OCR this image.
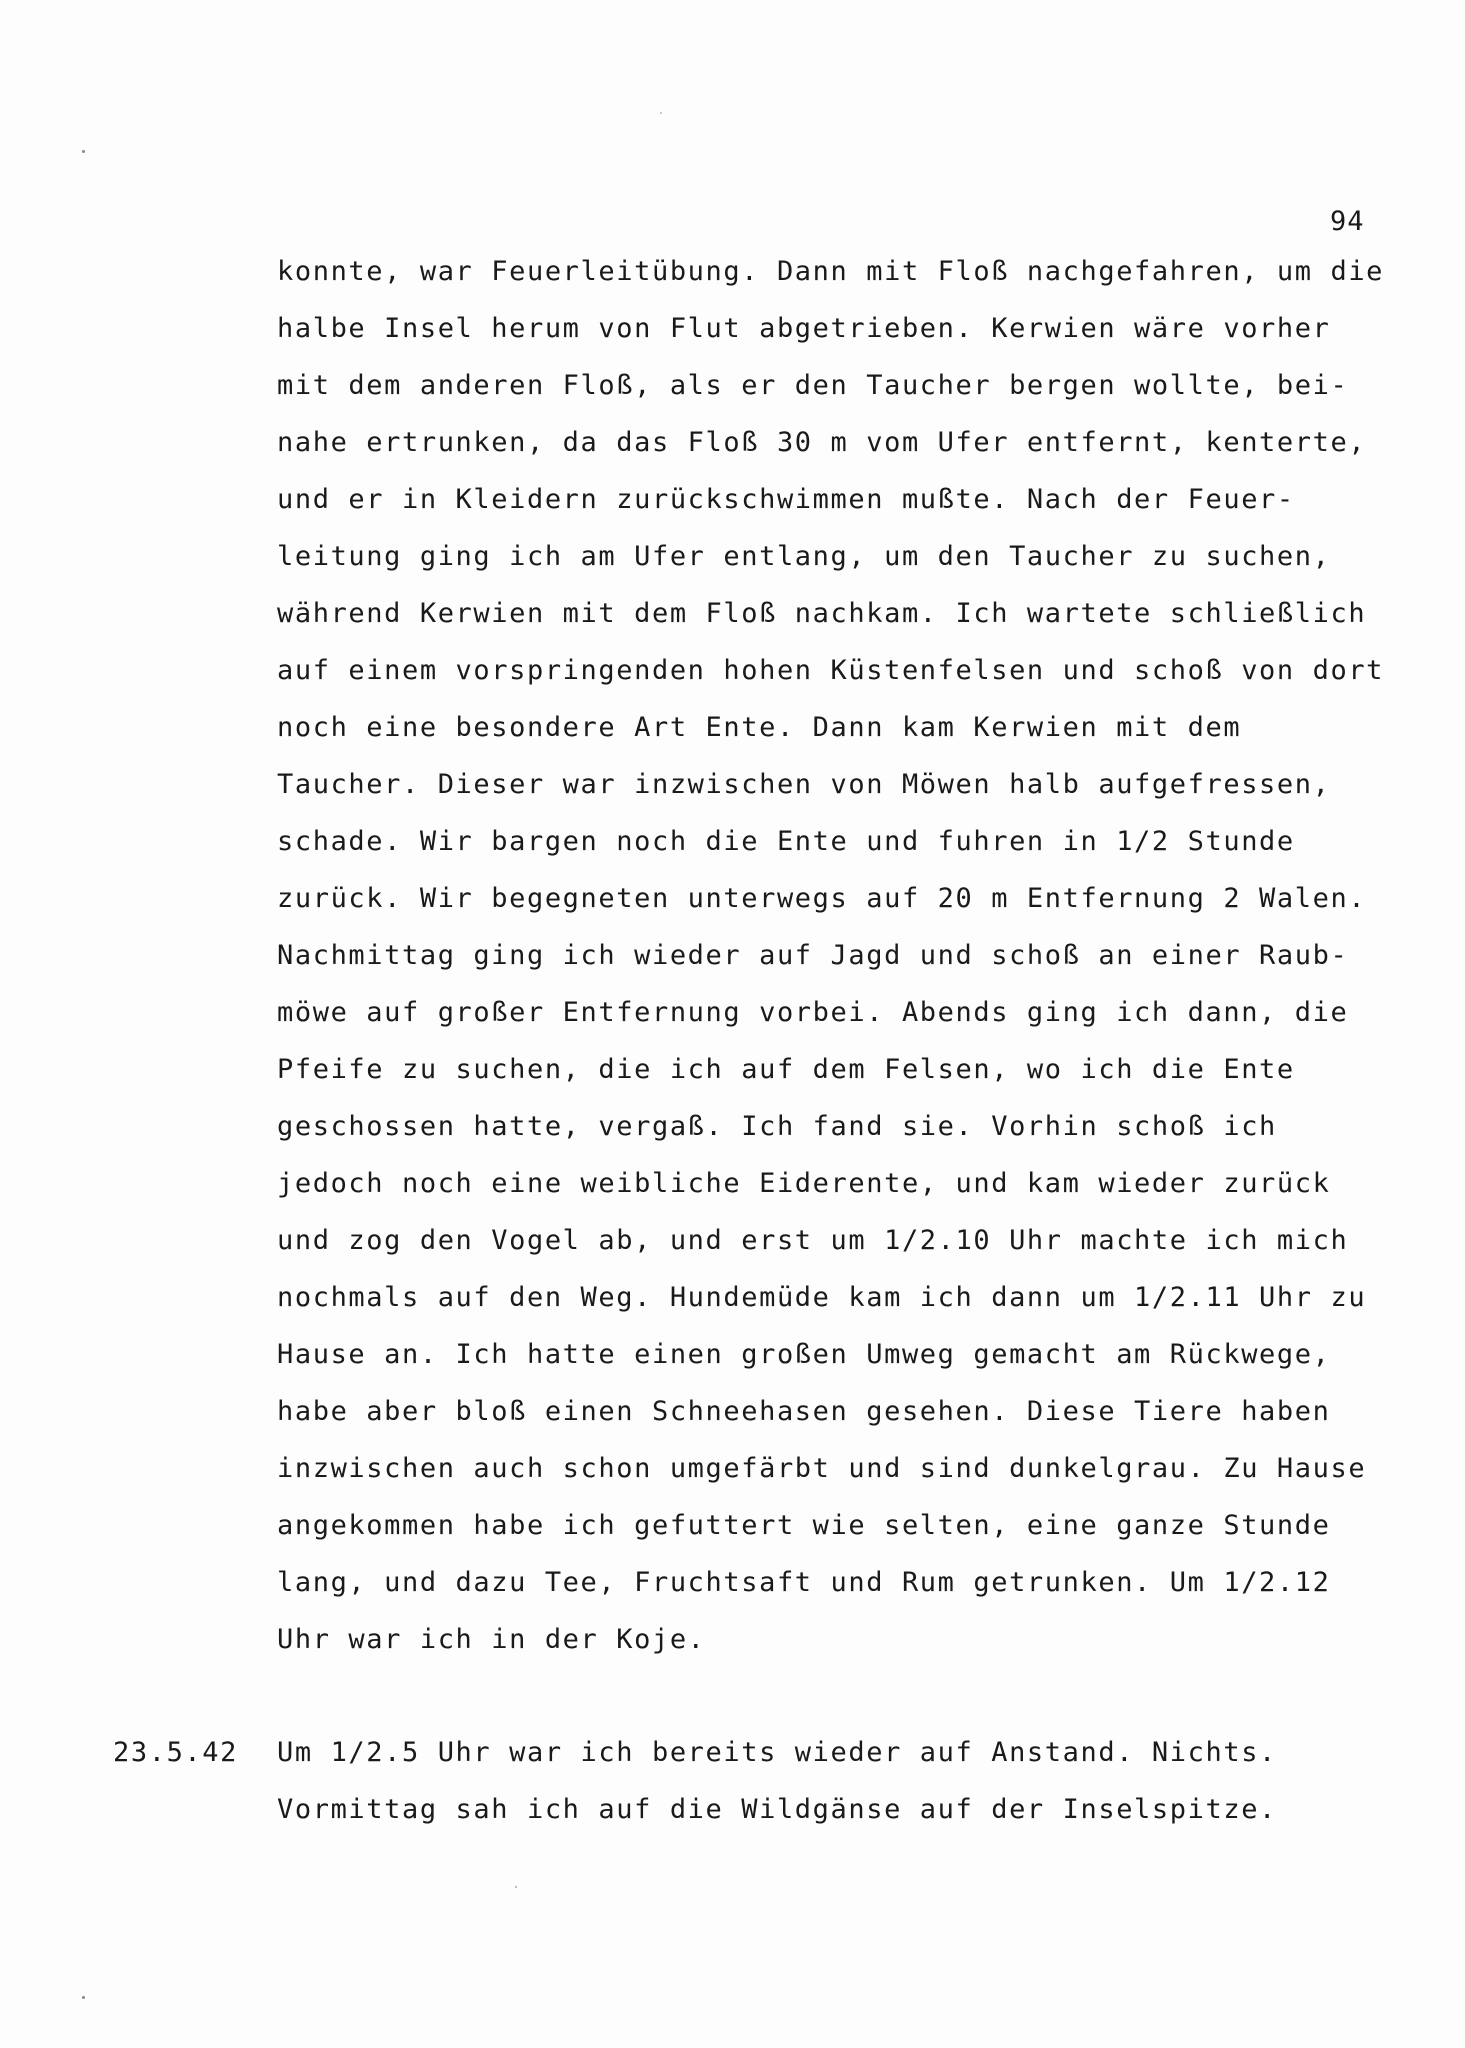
94
konnte, war Feuerleitübung. Dann mit Floß nachgefahren, um die
halbe Insel herum von Flut abgetrieben. Kerwien wäre vorher
mit dem anderen Floß, als er den Taucher bergen wollte, bei-
nahe ertrunken, da das Floß 30 m vom Ufer entfernt, kenterte,
und er in Kleidern zurückschwimmen mußte. Nach der Feuer-
leitung ging ich am Ufer entlang, um den Taucher zu suchen,
während Kerwien mit dem Floß nachkam. Ich wartete schließlich
auf einem vorspringenden hohen Küstenfelsen und schoß von dort
noch eine besondere Art Ente. Dann kam Kerwien mit dem
Taucher. Dieser war inzwischen von Möwen halb aufgefressen,
schade. Wir bargen noch die Ente und fuhren in 1/2 Stunde
zurück. Wir begegneten unterwegs auf 20 m Entfernung 2 Walen.
Nachmittag ging ich wieder auf Jagd und schoß an einer Raub-
möwe auf großer Entfernung vorbei. Abends ging ich dann, die
Pfeife zu suchen, die ich auf dem Felsen, wo ich die Ente
geschossen hatte, vergaß. Ich fand sie. Vorhin schoß ich
jedoch noch eine weibliche Eiderente, und kam wieder zurück
und zog den Vogel ab, und erst um 1/2.10 Uhr machte ich mich
nochmals auf den Weg. Hundemüde kam ich dann um 1/2.11 Uhr zu
Hause an. Ich hatte einen großen Umweg gemacht am Rückwege,
habe aber bloß einen Schneehasen gesehen. Diese Tiere haben
inzwischen auch schon umgefärbt und sind dunkelgrau. Zu Hause
angekommen habe ich gefuttert wie selten, eine ganze Stunde
lang, und dazu Tee, Fruchtsaft und Rum getrunken. Um 1/2.12
Uhr war ich in der Koje.
23.5.42 Um 1/2.5 Uhr war ich bereits wieder auf Anstand. Nichts.
Vormittag sah ich auf die Wildgänse auf der Inselspitze.
